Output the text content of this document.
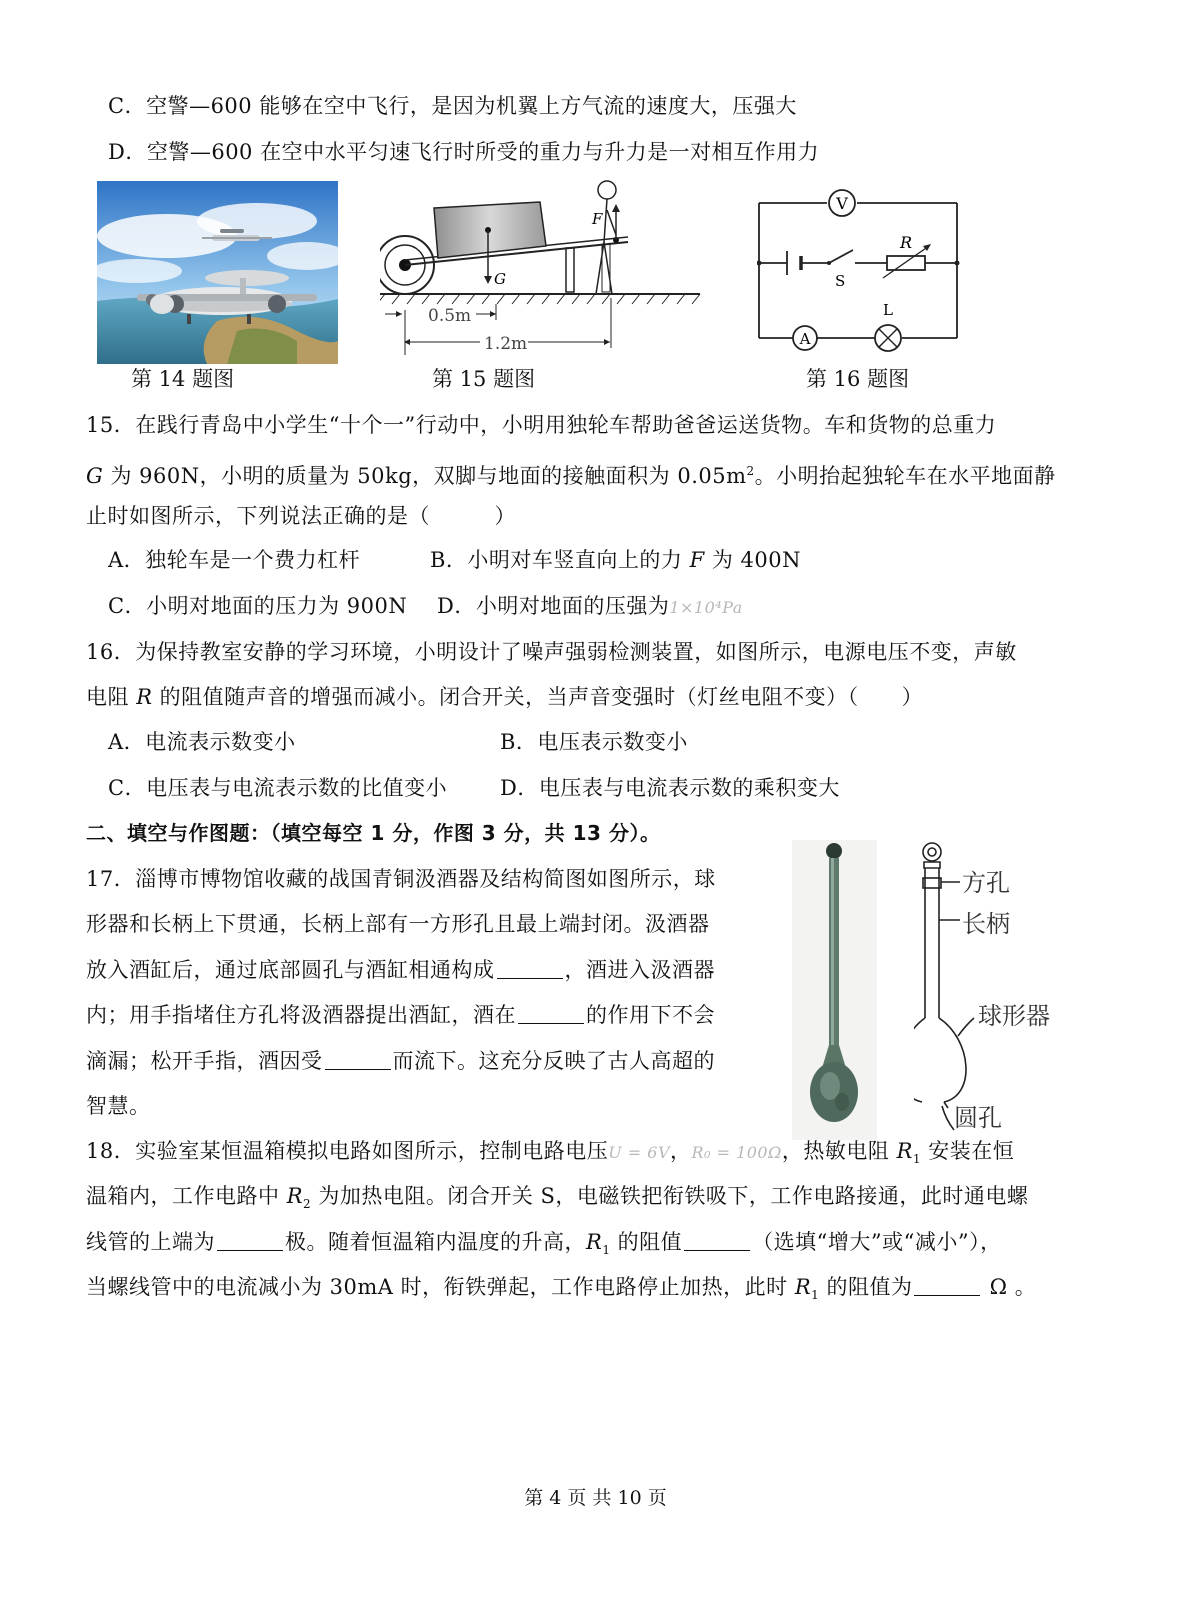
C．空警—600 能够在空中飞行，是因为机翼上方气流的速度大，压强大
D．空警—600 在空中水平匀速飞行时所受的重力与升力是一对相互作用力
G
F
0.5m
1.2m
V
S
R
A
L
第 14 题图	第 15 题图	第 16 题图
15．在践行青岛中小学生“十个一”行动中，小明用独轮车帮助爸爸运送货物。车和货物的总重力
G 为 960N，小明的质量为 50kg，双脚与地面的接触面积为 $0.05m^2$。小明抬起独轮车在水平地面静
止时如图所示，下列说法正确的是（　　　）
A．独轮车是一个费力杠杆	B．小明对车竖直向上的力 F 为 400N
C．小明对地面的压力为 900N D．小明对地面的压强为1×10⁴Pa
16．为保持教室安静的学习环境，小明设计了噪声强弱检测装置，如图所示，电源电压不变，声敏
电阻 R 的阻值随声音的增强而减小。闭合开关，当声音变强时（灯丝电阻不变）（　　）
A．电流表示数变小	B．电压表示数变小
C．电压表与电流表示数的比值变小	D．电压表与电流表示数的乘积变大
二、填空与作图题：（填空每空 1 分，作图 3 分，共 13 分）。
17．淄博市博物馆收藏的战国青铜汲酒器及结构简图如图所示，球
形器和长柄上下贯通，长柄上部有一方形孔且最上端封闭。汲酒器
放入酒缸后，通过底部圆孔与酒缸相通构成	，酒进入汲酒器
内；用手指堵住方孔将汲酒器提出酒缸，酒在	的作用下不会
滴漏；松开手指，酒因受	而流下。这充分反映了古人高超的
智慧。
方孔
长柄
球形器
圆孔
18．实验室某恒温箱模拟电路如图所示，控制电路电压U = 6V，R₀ = 100Ω，热敏电阻 $R_1$ 安装在恒
温箱内，工作电路中 $R_2$ 为加热电阻。闭合开关 S，电磁铁把衔铁吸下，工作电路接通，此时通电螺
线管的上端为	极。随着恒温箱内温度的升高，$R_1$ 的阻值	（选填“增大”或“减小”），
当螺线管中的电流减小为 30mA 时，衔铁弹起，工作电路停止加热，此时 $R_1$ 的阻值为	Ω 。
第 4 页 共 10 页
